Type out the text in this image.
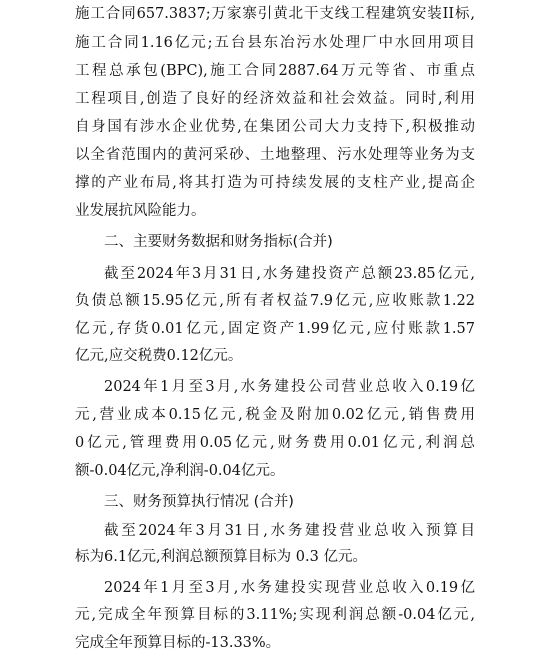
施工合同657.3837;万家寨引黄北干支线工程建筑安装II标,
施工合同1.16亿元;五台县东冶污水处理厂中水回用项目
工程总承包(BPC),施工合同2887.64万元等省、市重点
工程项目,创造了良好的经济效益和社会效益。同时,利用
自身国有涉水企业优势,在集团公司大力支持下,积极推动
以全省范围内的黄河采砂、土地整理、污水处理等业务为支
撑的产业布局,将其打造为可持续发展的支柱产业,提高企
业发展抗风险能力。
二、主要财务数据和财务指标(合并)
截至2024年3月31日,水务建投资产总额23.85亿元,
负债总额15.95亿元,所有者权益7.9亿元,应收账款1.22
亿元,存货0.01亿元,固定资产1.99亿元,应付账款1.57
亿元,应交税费0.12亿元。
2024年1月至3月,水务建投公司营业总收入0.19亿
元,营业成本0.15亿元,税金及附加0.02亿元,销售费用
0亿元,管理费用0.05亿元,财务费用0.01亿元,利润总
额-0.04亿元,净利润-0.04亿元。
三、财务预算执行情况 (合并)
截至2024年3月31日,水务建投营业总收入预算目
标为6.1亿元,利润总额预算目标为 0.3 亿元。
2024年1月至3月,水务建投实现营业总收入0.19亿
元,完成全年预算目标的3.11%;实现利润总额-0.04亿元,
完成全年预算目标的-13.33%。
